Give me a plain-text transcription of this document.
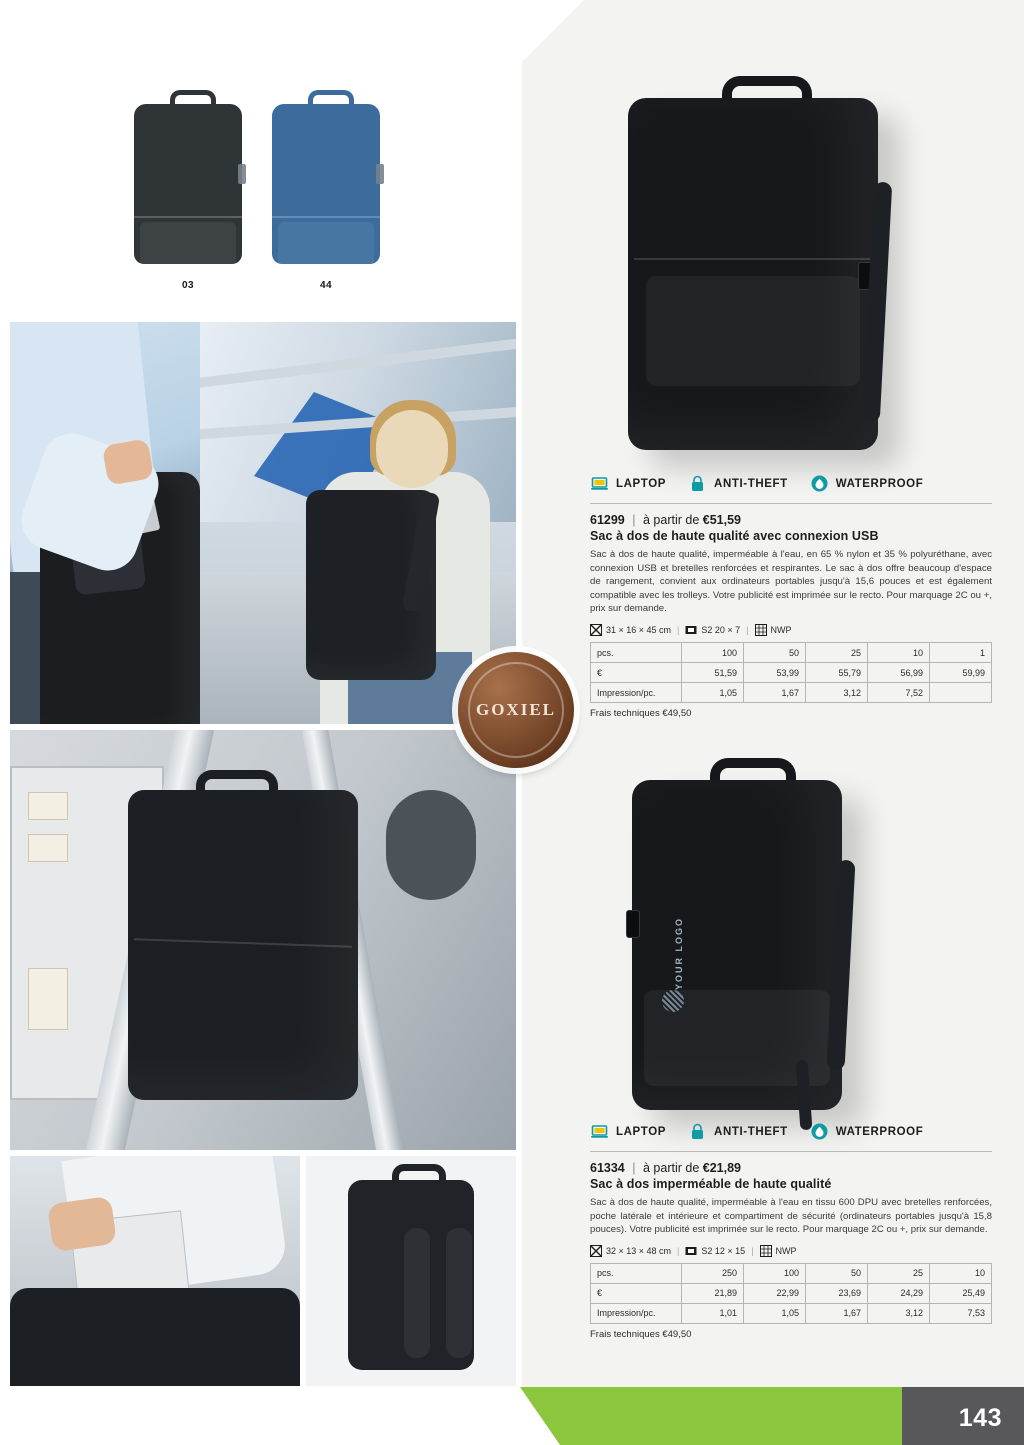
03	44
GOXIEL
LAPTOP	ANTI-THEFT	WATERPROOF
61299 | à partir de €51,59
Sac à dos de haute qualité avec connexion USB
Sac à dos de haute qualité, imperméable à l'eau, en 65 % nylon et 35 % polyuréthane, avec connexion USB et bretelles renforcées et respirantes. Le sac à dos offre beaucoup d'espace de rangement, convient aux ordinateurs portables jusqu'à 15,6 pouces et est également compatible avec les trolleys. Votre publicité est imprimée sur le recto. Pour marquage 2C ou +, prix sur demande.
31 × 16 × 45 cm | S2 20 × 7 | NWP
pcs.	100	50	25	10	1
€	51,59	53,99	55,79	56,99	59,99
Impression/pc.	1,05	1,67	3,12	7,52	
Frais techniques €49,50
YOUR LOGO
LAPTOP	ANTI-THEFT	WATERPROOF
61334 | à partir de €21,89
Sac à dos imperméable de haute qualité
Sac à dos de haute qualité, imperméable à l'eau en tissu 600 DPU avec bretelles renforcées, poche latérale et intérieure et compartiment de sécurité (ordinateurs portables jusqu'à 15,8 pouces). Votre publicité est imprimée sur le recto. Pour marquage 2C ou +, prix sur demande.
32 × 13 × 48 cm | S2 12 × 15 | NWP
pcs.	250	100	50	25	10
€	21,89	22,99	23,69	24,29	25,49
Impression/pc.	1,01	1,05	1,67	3,12	7,53
Frais techniques €49,50
143
